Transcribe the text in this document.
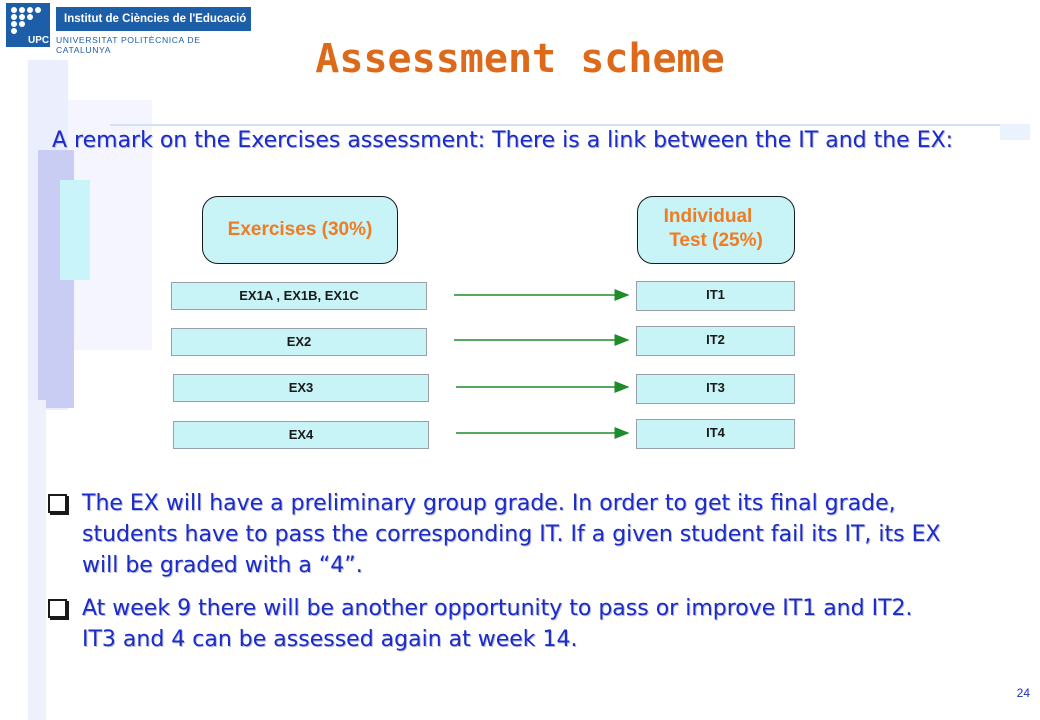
UPC
Institut de Ciències de l'Educació
UNIVERSITAT POLITÈCNICA DE CATALUNYA	Assessment scheme
A remark on the Exercises assessment: There is a link between the IT and the EX:
Exercises (30%)
Individual
Test (25%)
EX1A , EX1B, EX1C
EX2
EX3
EX4
IT1
IT2
IT3
IT4
The EX will have a preliminary group grade. In order to get its final grade, students have to pass the corresponding IT. If a given student fail its IT, its EX will be graded with a “4”.
At week 9 there will be another opportunity to pass or improve IT1 and IT2. IT3 and 4 can be assessed again at week 14.
24
